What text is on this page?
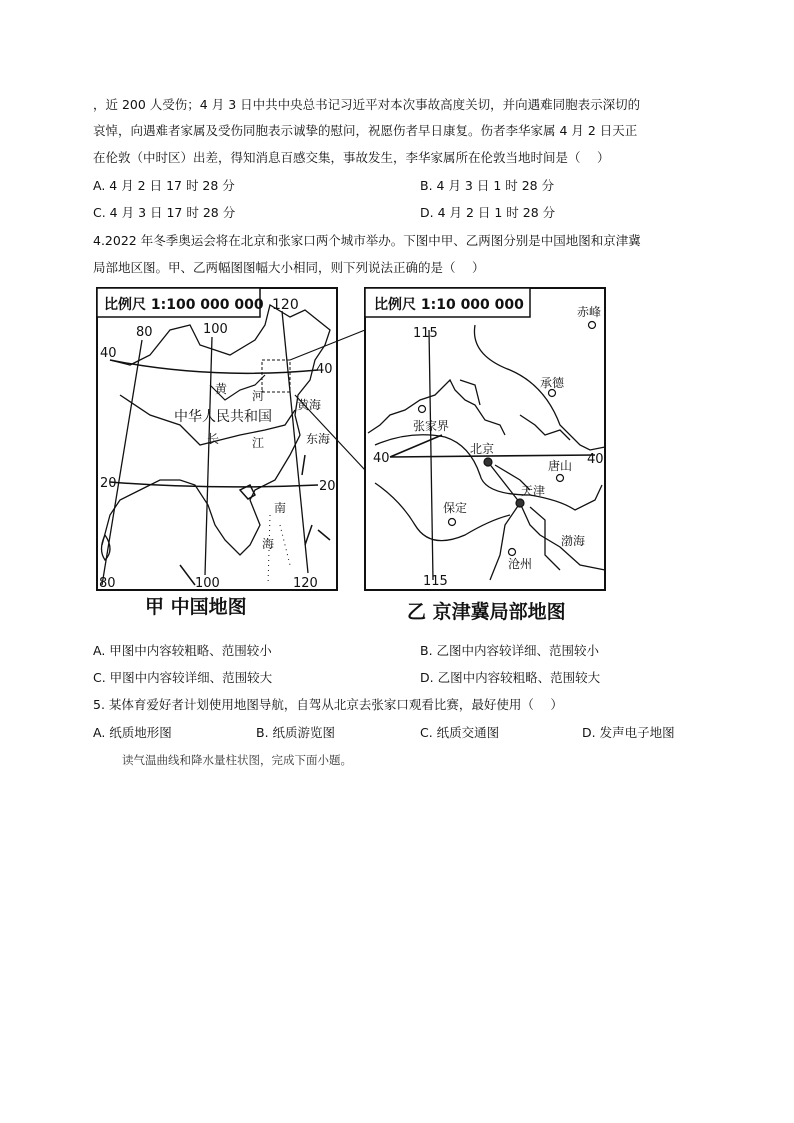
，近 200 人受伤；4 月 3 日中共中央总书记习近平对本次事故高度关切，并向遇难同胞表示深切的
哀悼，向遇难者家属及受伤同胞表示诚挚的慰问，祝愿伤者早日康复。伤者李华家属 4 月 2 日天正
在伦敦（中时区）出差，得知消息百感交集，事故发生，李华家属所在伦敦当地时间是（　 ）
A. 4 月 2 日 17 时 28 分	B. 4 月 3 日 1 时 28 分
C. 4 月 3 日 17 时 28 分	D. 4 月 2 日 1 时 28 分
4.2022 年冬季奥运会将在北京和张家口两个城市举办。下图中甲、乙两图分别是中国地图和京津冀
局部地区图。甲、乙两幅图图幅大小相同，则下列说法正确的是（　 ）
比例尺 1:100 000 000 120
80	100
40
40
黄 河
中华人民共和国
黄海
长	江	东海
20	20
南
海
80	100	120
甲 中国地图
比例尺 1:10 000 000	赤峰
115
承德
张家界
北京
40	40
唐山
天津
保定
渤海
沧州
115
乙 京津冀局部地图
A. 甲图中内容较粗略、范围较小	B. 乙图中内容较详细、范围较小
C. 甲图中内容较详细、范围较大	D. 乙图中内容较粗略、范围较大
5. 某体育爱好者计划使用地图导航，自驾从北京去张家口观看比赛，最好使用（　 ）
A. 纸质地形图	B. 纸质游览图	C. 纸质交通图	D. 发声电子地图
读气温曲线和降水量柱状图，完成下面小题。
